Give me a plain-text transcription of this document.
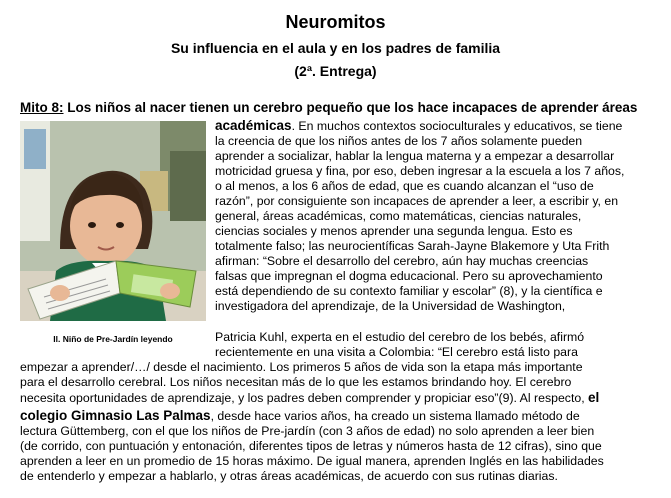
Neuromitos
Su influencia en el aula y en los padres de familia
(2ª. Entrega)

Mito 8: Los niños al nacer tienen un cerebro pequeño que los hace incapaces de aprender áreas

Il. Niño de Pre-Jardín leyendo

académicas. En muchos contextos socioculturales y educativos, se tiene
la creencia de que los niños antes de los 7 años solamente pueden
aprender a socializar, hablar la lengua materna y a empezar a desarrollar
motricidad gruesa y fina, por eso, deben ingresar a la escuela a los 7 años,
o al menos, a los 6 años de edad, que es cuando alcanzan el “uso de
razón”, por consiguiente son incapaces de aprender a leer, a escribir y, en
general, áreas académicas, como matemáticas, ciencias naturales,
ciencias sociales y menos aprender una segunda lengua. Esto es
totalmente falso; las neurocientíficas Sarah-Jayne Blakemore y Uta Frith
afirman: “Sobre el desarrollo del cerebro, aún hay muchas creencias
falsas que impregnan el dogma educacional. Pero su aprovechamiento
está dependiendo de su contexto familiar y escolar” (8), y la científica e
investigadora del aprendizaje, de la Universidad de Washington,

Patricia Kuhl, experta en el estudio del cerebro de los bebés, afirmó
recientemente en una visita a Colombia: “El cerebro está listo para

empezar a aprender/…/ desde el nacimiento. Los primeros 5 años de vida son la etapa más importante
para el desarrollo cerebral. Los niños necesitan más de lo que les estamos brindando hoy. El cerebro
necesita oportunidades de aprendizaje, y los padres deben comprender y propiciar eso”(9). Al respecto, el
colegio Gimnasio Las Palmas, desde hace varios años, ha creado un sistema llamado método de
lectura Güttemberg, con el que los niños de Pre-jardín (con 3 años de edad) no solo aprenden a leer bien
(de corrido, con puntuación y entonación, diferentes tipos de letras y números hasta de 12 cifras), sino que
aprenden a leer en un promedio de 15 horas máximo. De igual manera, aprenden Inglés en las habilidades
de entenderlo y empezar a hablarlo, y otras áreas académicas, de acuerdo con sus rutinas diarias.
